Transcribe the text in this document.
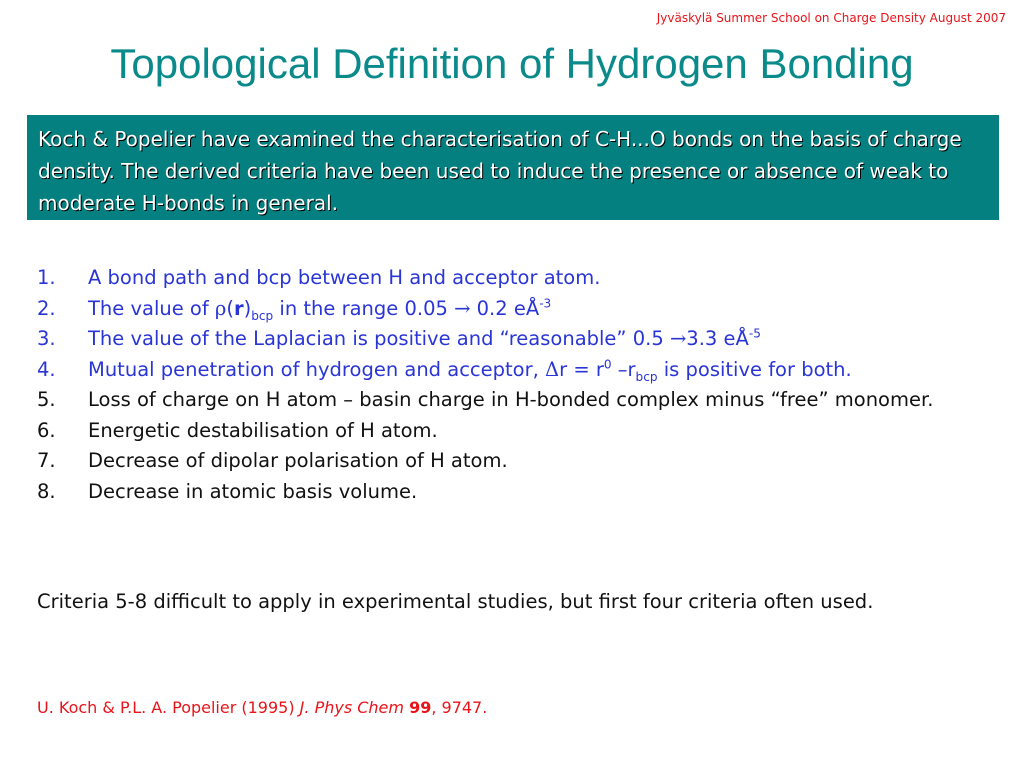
Jyväskylä Summer School on Charge Density August 2007
Topological Definition of Hydrogen Bonding
Koch & Popelier have examined the characterisation of C-H...O bonds on the basis of charge density. The derived criteria have been used to induce the presence or absence of weak to moderate H-bonds in general.
1. A bond path and bcp between H and acceptor atom.
2. The value of $\rho(r)_{bcp}$ in the range 0.05 → 0.2 $eÅ^{-3}$
3. The value of the Laplacian is positive and “reasonable” 0.5 →3.3 $eÅ^{-5}$
4. Mutual penetration of hydrogen and acceptor, $\Delta r = r^0$ $-r_{bcp}$ is positive for both.
5. Loss of charge on H atom – basin charge in H-bonded complex minus “free” monomer.
6. Energetic destabilisation of H atom.
7. Decrease of dipolar polarisation of H atom.
8. Decrease in atomic basis volume.
Criteria 5-8 difficult to apply in experimental studies, but first four criteria often used.
U. Koch & P.L. A. Popelier (1995) J. Phys Chem 99, 9747.
